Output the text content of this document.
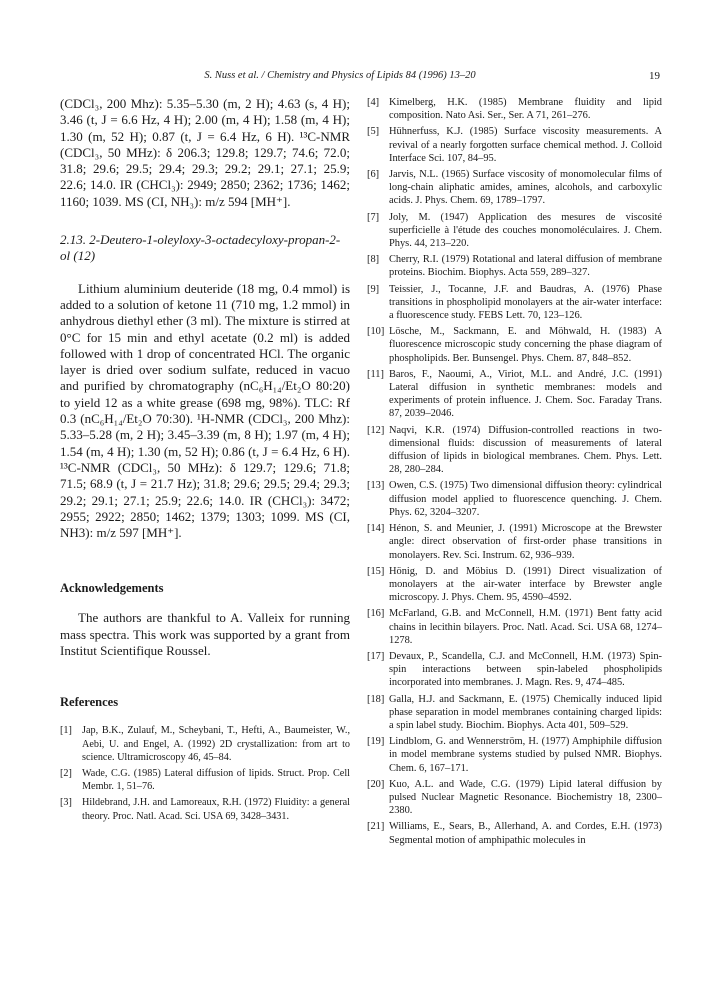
S. Nuss et al. / Chemistry and Physics of Lipids 84 (1996) 13–20	19

(CDCl₃, 200 Mhz): 5.35–5.30 (m, 2 H); 4.63 (s, 4 H); 3.46 (t, J = 6.6 Hz, 4 H); 2.00 (m, 4 H); 1.58 (m, 4 H); 1.30 (m, 52 H); 0.87 (t, J = 6.4 Hz, 6 H). ¹³C-NMR (CDCl₃, 50 MHz): δ 206.3; 129.8; 129.7; 74.6; 72.0; 31.8; 29.6; 29.5; 29.4; 29.3; 29.2; 29.1; 27.1; 25.9; 22.6; 14.0. IR (CHCl₃): 2949; 2850; 2362; 1736; 1462; 1160; 1039. MS (CI, NH₃): m/z 594 [MH⁺].

2.13. 2-Deutero-1-oleyloxy-3-octadecyloxy-propan-2-ol (12)

Lithium aluminium deuteride (18 mg, 0.4 mmol) is added to a solution of ketone 11 (710 mg, 1.2 mmol) in anhydrous diethyl ether (3 ml). The mixture is stirred at 0°C for 15 min and ethyl acetate (0.2 ml) is added followed with 1 drop of concentrated HCl. The organic layer is dried over sodium sulfate, reduced in vacuo and purified by chromatography (nC₆H₁₄/Et₂O 80:20) to yield 12 as a white grease (698 mg, 98%). TLC: Rf 0.3 (nC₆H₁₄/Et₂O 70:30). ¹H-NMR (CDCl₃, 200 Mhz): 5.33–5.28 (m, 2 H); 3.45–3.39 (m, 8 H); 1.97 (m, 4 H); 1.54 (m, 4 H); 1.30 (m, 52 H); 0.86 (t, J = 6.4 Hz, 6 H). ¹³C-NMR (CDCl₃, 50 MHz): δ 129.7; 129.6; 71.8; 71.5; 68.9 (t, J = 21.7 Hz); 31.8; 29.6; 29.5; 29.4; 29.3; 29.2; 29.1; 27.1; 25.9; 22.6; 14.0. IR (CHCl₃): 3472; 2955; 2922; 2850; 1462; 1379; 1303; 1099. MS (CI, NH3): m/z 597 [MH⁺].

Acknowledgements

The authors are thankful to A. Valleix for running mass spectra. This work was supported by a grant from Institut Scientifique Roussel.

References

[1] Jap, B.K., Zulauf, M., Scheybani, T., Hefti, A., Baumeister, W., Aebi, U. and Engel, A. (1992) 2D crystallization: from art to science. Ultramicroscopy 46, 45–84.
[2] Wade, C.G. (1985) Lateral diffusion of lipids. Struct. Prop. Cell Membr. 1, 51–76.
[3] Hildebrand, J.H. and Lamoreaux, R.H. (1972) Fluidity: a general theory. Proc. Natl. Acad. Sci. USA 69, 3428–3431.
[4] Kimelberg, H.K. (1985) Membrane fluidity and lipid composition. Nato Asi. Ser., Ser. A 71, 261–276.
[5] Hühnerfuss, K.J. (1985) Surface viscosity measurements. A revival of a nearly forgotten surface chemical method. J. Colloid Interface Sci. 107, 84–95.
[6] Jarvis, N.L. (1965) Surface viscosity of monomolecular films of long-chain aliphatic amides, amines, alcohols, and carboxylic acids. J. Phys. Chem. 69, 1789–1797.
[7] Joly, M. (1947) Application des mesures de viscosité superficielle à l'étude des couches monomoléculaires. J. Chem. Phys. 44, 213–220.
[8] Cherry, R.I. (1979) Rotational and lateral diffusion of membrane proteins. Biochim. Biophys. Acta 559, 289–327.
[9] Teissier, J., Tocanne, J.F. and Baudras, A. (1976) Phase transitions in phospholipid monolayers at the air-water interface: a fluorescence study. FEBS Lett. 70, 123–126.
[10] Lösche, M., Sackmann, E. and Möhwald, H. (1983) A fluorescence microscopic study concerning the phase diagram of phospholipids. Ber. Bunsengel. Phys. Chem. 87, 848–852.
[11] Baros, F., Naoumi, A., Viriot, M.L. and André, J.C. (1991) Lateral diffusion in synthetic membranes: models and experiments of protein influence. J. Chem. Soc. Faraday Trans. 87, 2039–2046.
[12] Naqvi, K.R. (1974) Diffusion-controlled reactions in two-dimensional fluids: discussion of measurements of lateral diffusion of lipids in biological membranes. Chem. Phys. Lett. 28, 280–284.
[13] Owen, C.S. (1975) Two dimensional diffusion theory: cylindrical diffusion model applied to fluorescence quenching. J. Chem. Phys. 62, 3204–3207.
[14] Hénon, S. and Meunier, J. (1991) Microscope at the Brewster angle: direct observation of first-order phase transitions in monolayers. Rev. Sci. Instrum. 62, 936–939.
[15] Hönig, D. and Möbius D. (1991) Direct visualization of monolayers at the air-water interface by Brewster angle microscopy. J. Phys. Chem. 95, 4590–4592.
[16] McFarland, G.B. and McConnell, H.M. (1971) Bent fatty acid chains in lecithin bilayers. Proc. Natl. Acad. Sci. USA 68, 1274–1278.
[17] Devaux, P., Scandella, C.J. and McConnell, H.M. (1973) Spin-spin interactions between spin-labeled phospholipids incorporated into membranes. J. Magn. Res. 9, 474–485.
[18] Galla, H.J. and Sackmann, E. (1975) Chemically induced lipid phase separation in model membranes containing charged lipids: a spin label study. Biochim. Biophys. Acta 401, 509–529.
[19] Lindblom, G. and Wennerström, H. (1977) Amphiphile diffusion in model membrane systems studied by pulsed NMR. Biophys. Chem. 6, 167–171.
[20] Kuo, A.L. and Wade, C.G. (1979) Lipid lateral diffusion by pulsed Nuclear Magnetic Resonance. Biochemistry 18, 2300–2380.
[21] Williams, E., Sears, B., Allerhand, A. and Cordes, E.H. (1973) Segmental motion of amphipathic molecules in
